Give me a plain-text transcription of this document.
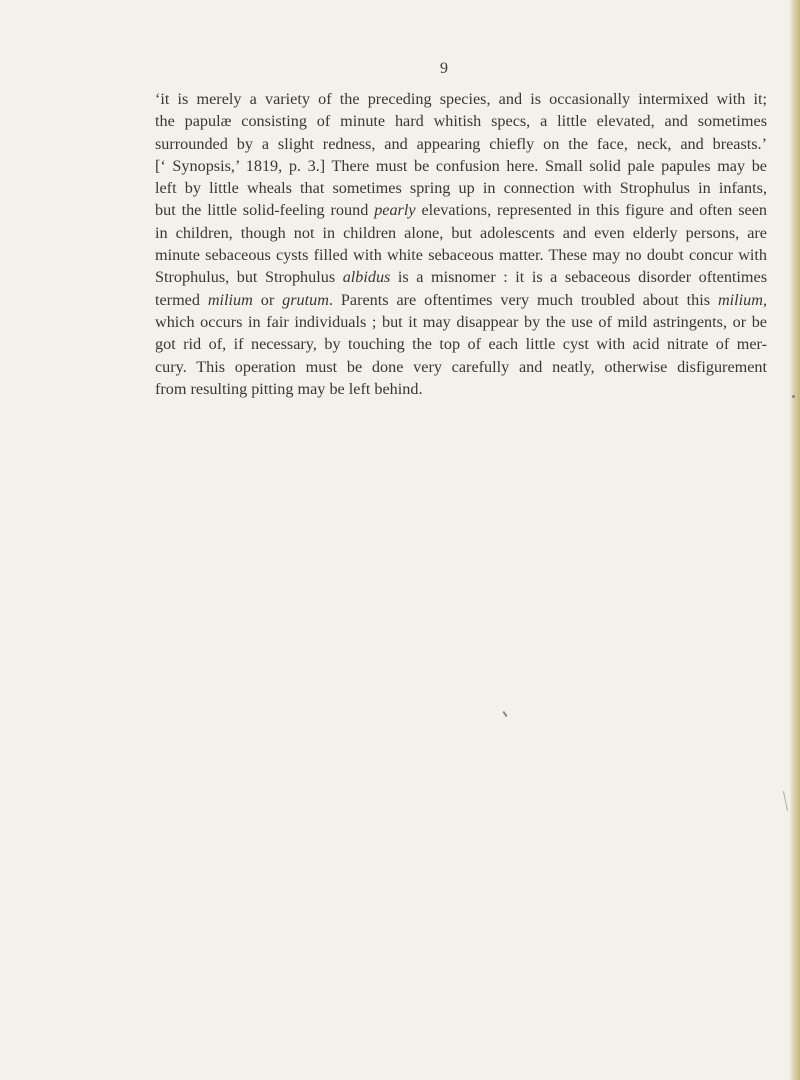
9

‘it is merely a variety of the preceding species, and is occasionally intermixed with it;

the papulæ consisting of minute hard whitish specs, a little elevated, and sometimes

surrounded by a slight redness, and appearing chiefly on the face, neck, and breasts.’

[‘ Synopsis,’ 1819, p. 3.] There must be confusion here. Small solid pale papules may be

left by little wheals that sometimes spring up in connection with Strophulus in infants,

but the little solid-feeling round pearly elevations, represented in this figure and often seen

in children, though not in children alone, but adolescents and even elderly persons, are

minute sebaceous cysts filled with white sebaceous matter. These may no doubt concur with

Strophulus, but Strophulus albidus is a misnomer : it is a sebaceous disorder oftentimes

termed milium or grutum. Parents are oftentimes very much troubled about this milium,

which occurs in fair individuals ; but it may disappear by the use of mild astringents, or be

got rid of, if necessary, by touching the top of each little cyst with acid nitrate of mer-

cury. This operation must be done very carefully and neatly, otherwise disfigurement

from resulting pitting may be left behind.
